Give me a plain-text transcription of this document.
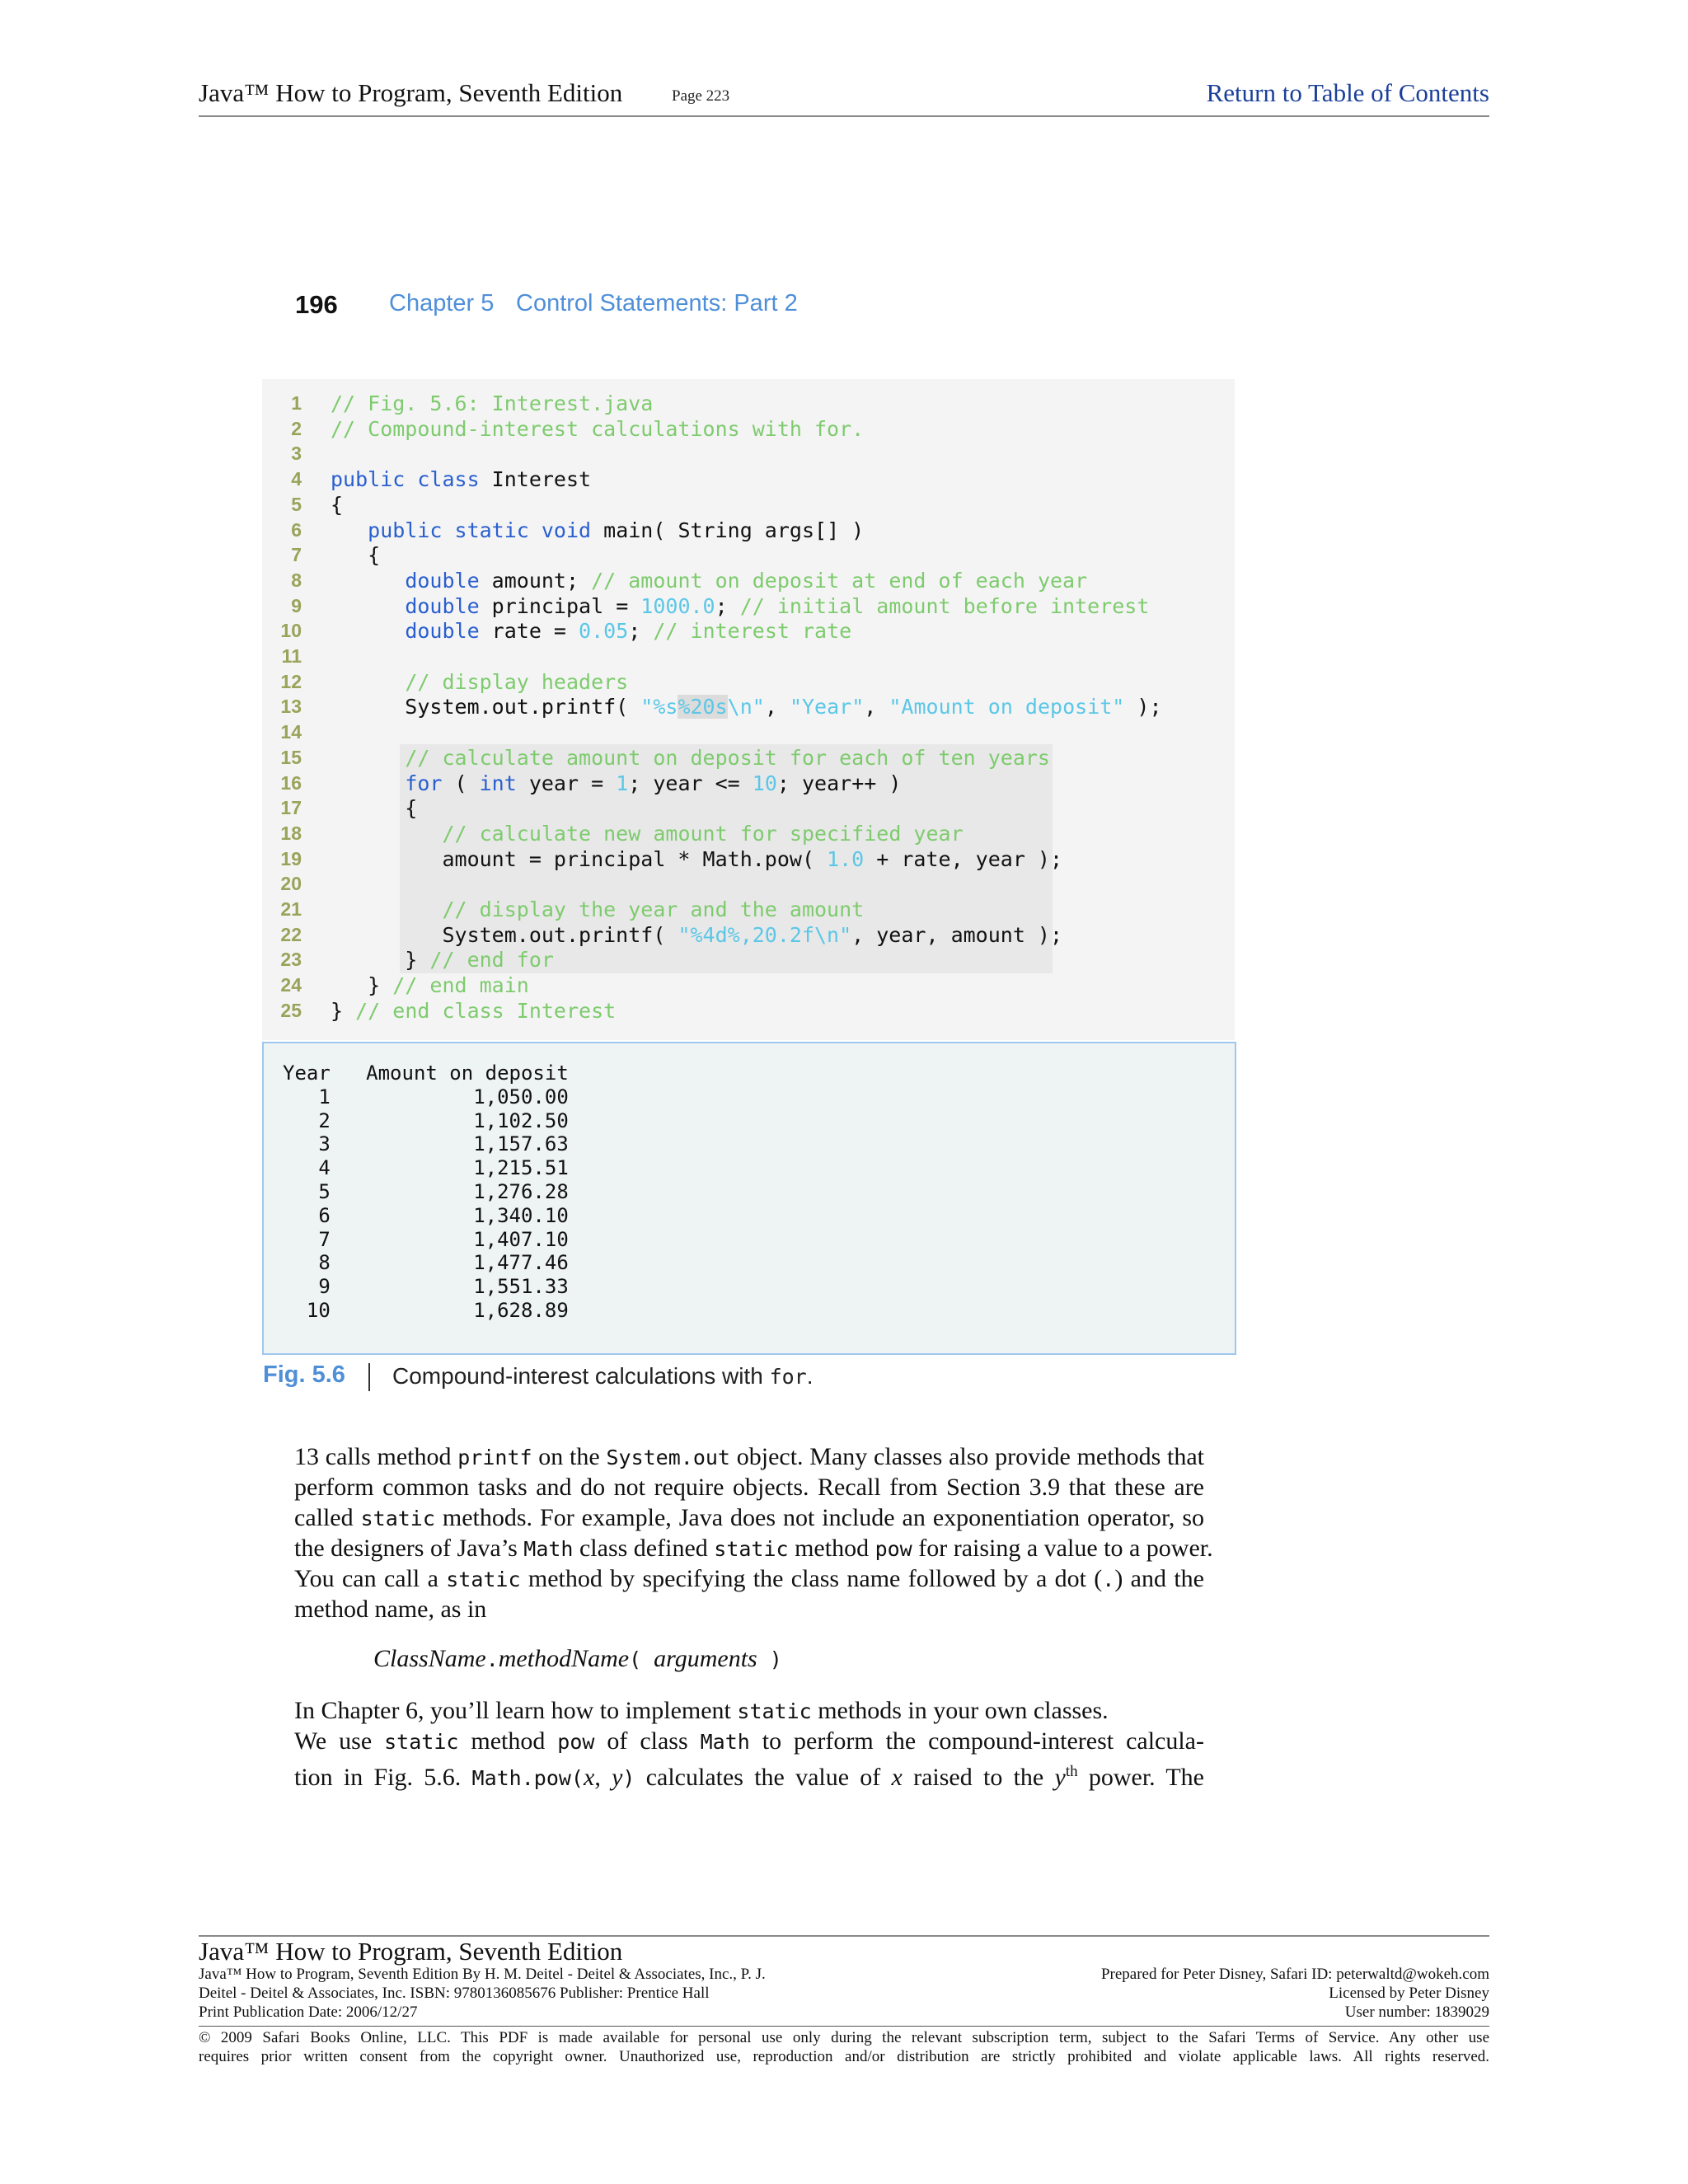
Java™ How to Program, Seventh Edition	Page 223	Return to Table of Contents
196 Chapter 5 Control Statements: Part 2
1 // Fig. 5.6: Interest.java
2 // Compound-interest calculations with for.
3
4 public class Interest
5 {
6	public static void main( String args[] )
7 {
8	double amount; // amount on deposit at end of each year
9	double principal = 1000.0; // initial amount before interest
10	double rate = 0.05; // interest rate
11
12	// display headers
13 System.out.printf( "%s%20s\n", "Year", "Amount on deposit" );
14
15	// calculate amount on deposit for each of ten years
16	for ( int year = 1; year <= 10; year++ )
17 {
18	// calculate new amount for specified year
19 amount = principal * Math.pow( 1.0 + rate, year );
20
21	// display the year and the amount
22 System.out.printf( "%4d%,20.2f\n", year, amount );
23 } // end for
24 } // end main
25 } // end class Interest
Year   Amount on deposit
1            1,050.00
2            1,102.50
3            1,157.63
4            1,215.51
5            1,276.28
6            1,340.10
7            1,407.10
8            1,477.46
9            1,551.33
10            1,628.89
Fig. 5.6 Compound-interest calculations with for.
13 calls method printf on the System.out object. Many classes also provide methods that
perform common tasks and do not require objects. Recall from Section 3.9 that these are
called static methods. For example, Java does not include an exponentiation operator, so
the designers of Java’s Math class defined static method pow for raising a value to a power.
You can call a static method by specifying the class name followed by a dot (.) and the
method name, as in
ClassName.methodName( arguments )
In Chapter 6, you’ll learn how to implement static methods in your own classes.
We use static method pow of class Math to perform the compound-interest calcula-
tion in Fig. 5.6. Math.pow(x, y) calculates the value of x raised to the $y^{th}$ power. The
Java™ How to Program, Seventh Edition
Java™ How to Program, Seventh Edition By H. M. Deitel - Deitel & Associates, Inc., P. J.
Deitel - Deitel & Associates, Inc. ISBN: 9780136085676 Publisher: Prentice Hall
Print Publication Date: 2006/12/27
Prepared for Peter Disney, Safari ID: peterwaltd@wokeh.com
Licensed by Peter Disney
User number: 1839029
© 2009 Safari Books Online, LLC. This PDF is made available for personal use only during the relevant subscription term, subject to the Safari Terms of Service. Any other use
requires prior written consent from the copyright owner. Unauthorized use, reproduction and/or distribution are strictly prohibited and violate applicable laws. All rights reserved.
